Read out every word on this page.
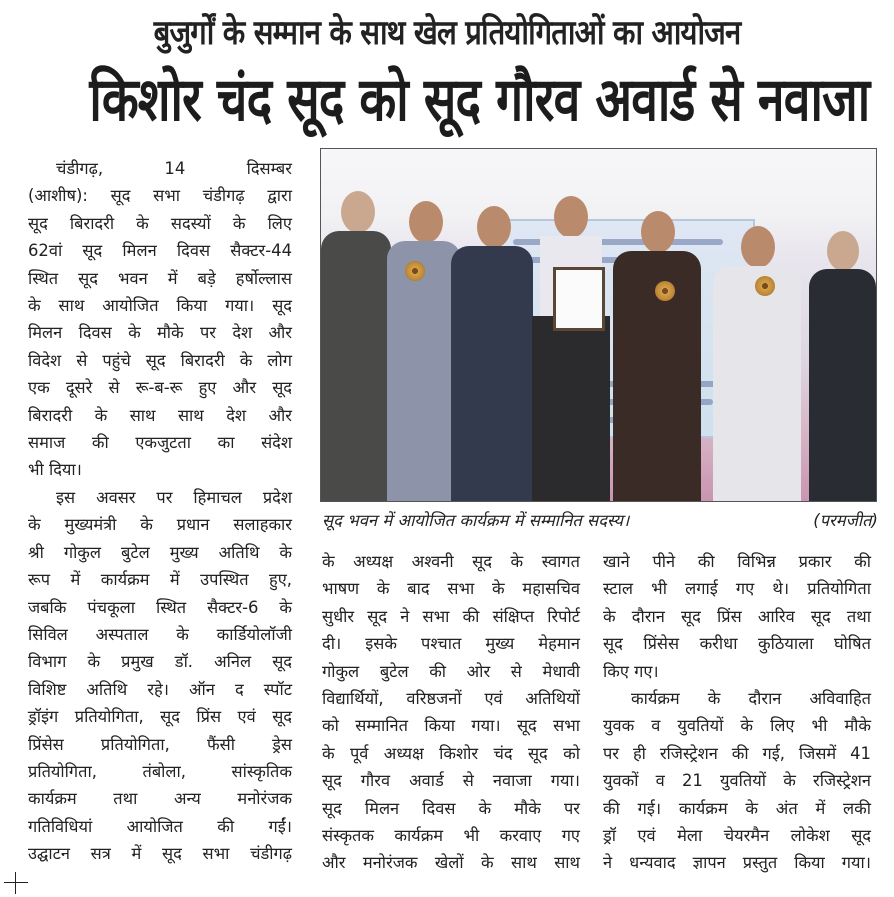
बुजुर्गों के सम्मान के साथ खेल प्रतियोगिताओं का आयोजन
किशोर चंद सूद को सूद गौरव अवार्ड से नवाजा
चंडीगढ़, 14 दिसम्बर
(आशीष): सूद सभा चंडीगढ़ द्वारा
सूद बिरादरी के सदस्यों के लिए
62वां सूद मिलन दिवस सैक्टर-44
स्थित सूद भवन में बड़े हर्षोल्लास
के साथ आयोजित किया गया। सूद
मिलन दिवस के मौके पर देश और
विदेश से पहुंचे सूद बिरादरी के लोग
एक दूसरे से रू-ब-रू हुए और सूद
बिरादरी के साथ साथ देश और
समाज की एकजुटता का संदेश
भी दिया।
इस अवसर पर हिमाचल प्रदेश
के मुख्यमंत्री के प्रधान सलाहकार
श्री गोकुल बुटेल मुख्य अतिथि के
रूप में कार्यक्रम में उपस्थित हुए,
जबकि पंचकूला स्थित सैक्टर-6 के
सिविल अस्पताल के कार्डियोलॉजी
विभाग के प्रमुख डॉ. अनिल सूद
विशिष्ट अतिथि रहे। ऑन द स्पॉट
ड्रॉइंग प्रतियोगिता, सूद प्रिंस एवं सूद
प्रिंसेस प्रतियोगिता, फैंसी ड्रेस
प्रतियोगिता, तंबोला, सांस्कृतिक
कार्यक्रम तथा अन्य मनोरंजक
गतिविधियां आयोजित की गईं।
उद्घाटन सत्र में सूद सभा चंडीगढ़
सूद भवन में आयोजित कार्यक्रम में सम्मानित सदस्य।	(परमजीत)
के अध्यक्ष अश्वनी सूद के स्वागत
भाषण के बाद सभा के महासचिव
सुधीर सूद ने सभा की संक्षिप्त रिपोर्ट
दी। इसके पश्चात मुख्य मेहमान
गोकुल बुटेल की ओर से मेधावी
विद्यार्थियों, वरिष्ठजनों एवं अतिथियों
को सम्मानित किया गया। सूद सभा
के पूर्व अध्यक्ष किशोर चंद सूद को
सूद गौरव अवार्ड से नवाजा गया।
सूद मिलन दिवस के मौके पर
संस्कृतक कार्यक्रम भी करवाए गए
और मनोरंजक खेलों के साथ साथ
खाने पीने की विभिन्न प्रकार की
स्टाल भी लगाई गए थे। प्रतियोगिता
के दौरान सूद प्रिंस आरिव सूद तथा
सूद प्रिंसेस करीधा कुठियाला घोषित
किए गए।
कार्यक्रम के दौरान अविवाहित
युवक व युवतियों के लिए भी मौके
पर ही रजिस्ट्रेशन की गई, जिसमें 41
युवकों व 21 युवतियों के रजिस्ट्रेशन
की गई। कार्यक्रम के अंत में लकी
ड्रॉ एवं मेला चेयरमैन लोकेश सूद
ने धन्यवाद ज्ञापन प्रस्तुत किया गया।
